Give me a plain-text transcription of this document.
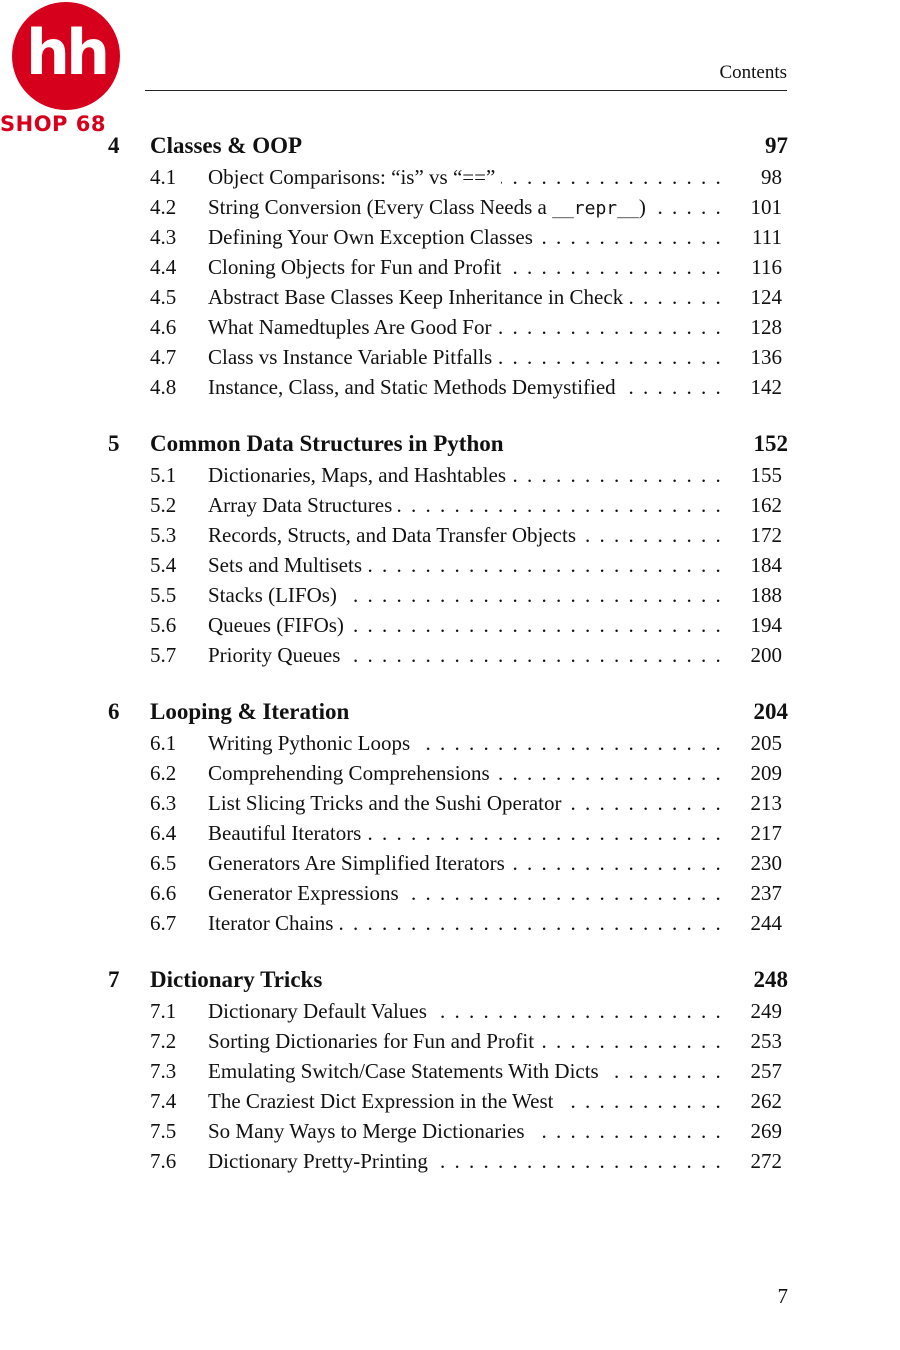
hh
SHOP 68
Contents
4	Classes & OOP	97
4.1	Object Comparisons: “is” vs “==” . . .	98
4.2	String Conversion (Every Class Needs a __repr__) . . .	101
4.3	Defining Your Own Exception Classes . . .	111
4.4	Cloning Objects for Fun and Profit . . .	116
4.5	Abstract Base Classes Keep Inheritance in Check . . .	124
4.6	What Namedtuples Are Good For . . .	128
4.7	Class vs Instance Variable Pitfalls . . .	136
4.8	Instance, Class, and Static Methods Demystified . . .	142
5	Common Data Structures in Python	152
5.1	Dictionaries, Maps, and Hashtables . . .	155
5.2	Array Data Structures . . .	162
5.3	Records, Structs, and Data Transfer Objects . . .	172
5.4	Sets and Multisets . . .	184
5.5	Stacks (LIFOs) . . .	188
5.6	Queues (FIFOs) . . .	194
5.7	Priority Queues . . .	200
6	Looping & Iteration	204
6.1	Writing Pythonic Loops . . .	205
6.2	Comprehending Comprehensions . . .	209
6.3	List Slicing Tricks and the Sushi Operator . . .	213
6.4	Beautiful Iterators . . .	217
6.5	Generators Are Simplified Iterators . . .	230
6.6	Generator Expressions . . .	237
6.7	Iterator Chains . . .	244
7	Dictionary Tricks	248
7.1	Dictionary Default Values . . .	249
7.2	Sorting Dictionaries for Fun and Profit . . .	253
7.3	Emulating Switch/Case Statements With Dicts . . .	257
7.4	The Craziest Dict Expression in the West . . .	262
7.5	So Many Ways to Merge Dictionaries . . .	269
7.6	Dictionary Pretty-Printing . . .	272
7
